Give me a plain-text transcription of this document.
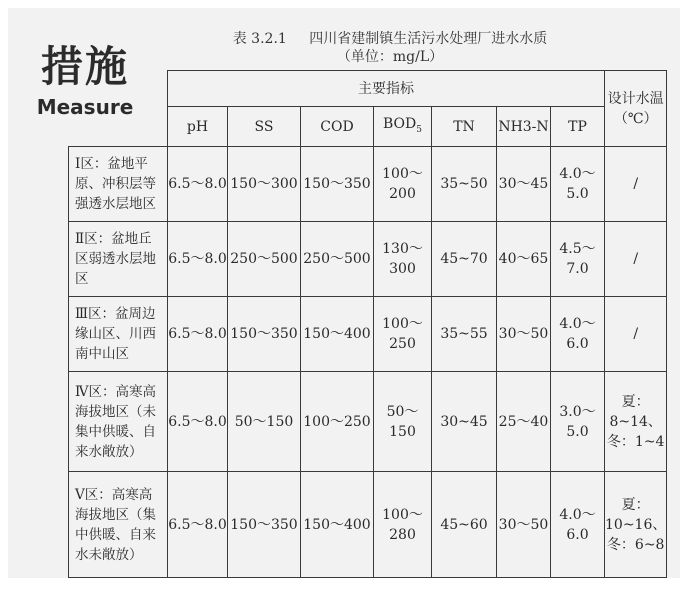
措施
Measure
表 3.2.1 四川省建制镇生活污水处理厂进水水质
（单位：mg/L）
	主要指标							设计水温（℃）
	pH	SS	COD	$BOD_5$	TN	NH3-N	TP	
Ⅰ区：盆地平原、冲积层等强透水层地区	6.5～8.0	150～300	150～350	100～200	35~50	30～45	4.0～5.0	/
Ⅱ区：盆地丘区弱透水层地区	6.5～8.0	250～500	250～500	130～300	45~70	40～65	4.5～7.0	/
Ⅲ区：盆周边缘山区、川西南中山区	6.5～8.0	150～350	150～400	100～250	35~55	30～50	4.0～6.0	/
Ⅳ区：高寒高海拔地区（未集中供暖、自来水敞放）	6.5～8.0	50～150	100～250	50～150	30~45	25～40	3.0～5.0	夏：8~14、冬：1~4
Ⅴ区：高寒高海拔地区（集中供暖、自来水未敞放）	6.5～8.0	150～350	150～400	100～280	45~60	30～50	4.0～6.0	夏：10~16、冬：6~8
